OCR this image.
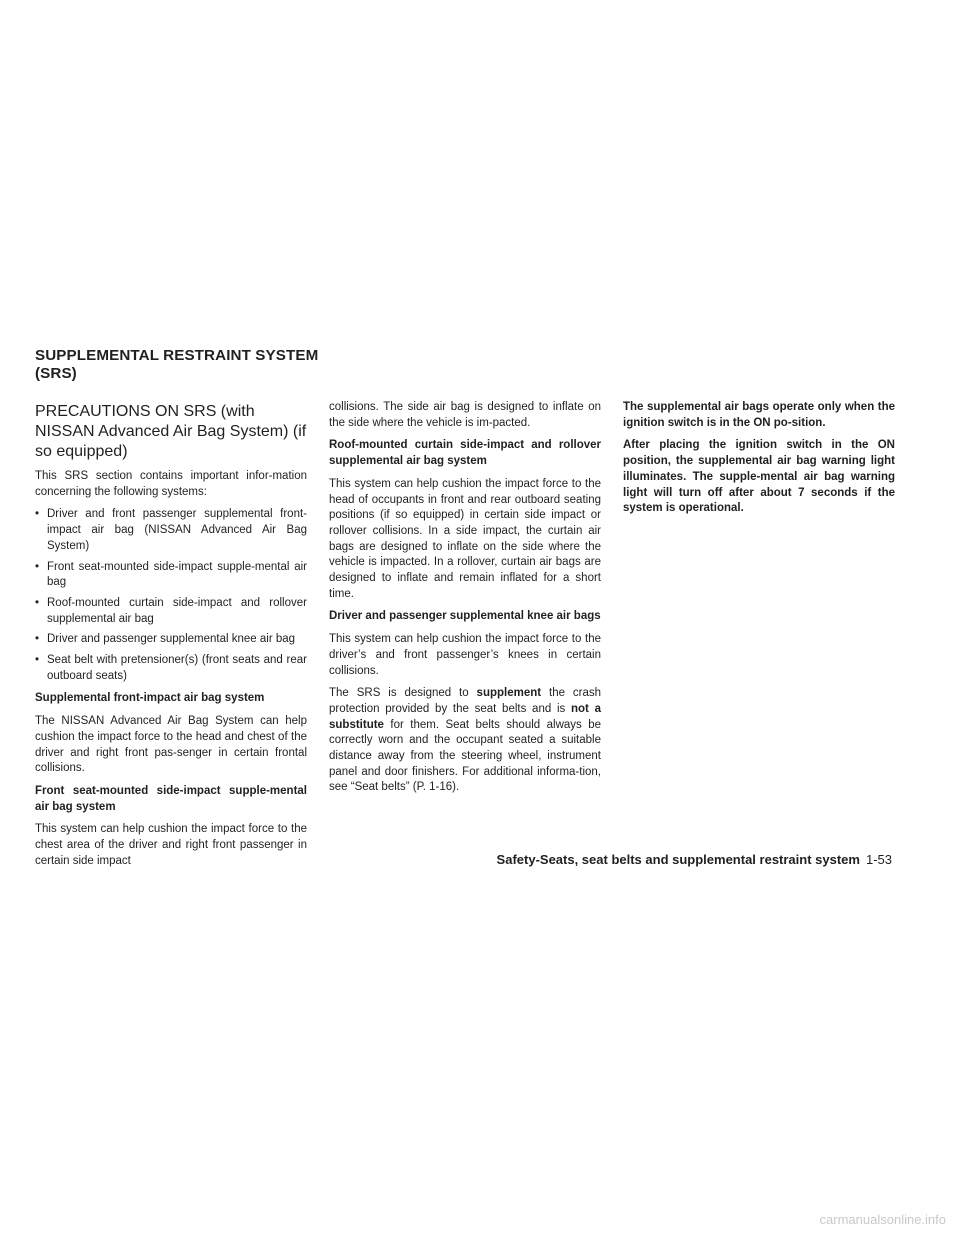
SUPPLEMENTAL RESTRAINT SYSTEM (SRS)
PRECAUTIONS ON SRS (with NISSAN Advanced Air Bag System) (if so equipped)

This SRS section contains important infor-mation concerning the following systems:

• Driver and front passenger supplemental front-impact air bag (NISSAN Advanced Air Bag System)
• Front seat-mounted side-impact supple-mental air bag
• Roof-mounted curtain side-impact and rollover supplemental air bag
• Driver and passenger supplemental knee air bag
• Seat belt with pretensioner(s) (front seats and rear outboard seats)

Supplemental front-impact air bag system

The NISSAN Advanced Air Bag System can help cushion the impact force to the head and chest of the driver and right front pas-senger in certain frontal collisions.

Front seat-mounted side-impact supple-mental air bag system

This system can help cushion the impact force to the chest area of the driver and right front passenger in certain side impact

collisions. The side air bag is designed to inflate on the side where the vehicle is im-pacted.

Roof-mounted curtain side-impact and rollover supplemental air bag system

This system can help cushion the impact force to the head of occupants in front and rear outboard seating positions (if so equipped) in certain side impact or rollover collisions. In a side impact, the curtain air bags are designed to inflate on the side where the vehicle is impacted. In a rollover, curtain air bags are designed to inflate and remain inflated for a short time.

Driver and passenger supplemental knee air bags

This system can help cushion the impact force to the driver’s and front passenger’s knees in certain collisions.

The SRS is designed to supplement the crash protection provided by the seat belts and is not a substitute for them. Seat belts should always be correctly worn and the occupant seated a suitable distance away from the steering wheel, instrument panel and door finishers. For additional informa-tion, see “Seat belts” (P. 1-16).

The supplemental air bags operate only when the ignition switch is in the ON po-sition.

After placing the ignition switch in the ON position, the supplemental air bag warning light illuminates. The supple-mental air bag warning light will turn off after about 7 seconds if the system is operational.

Safety-Seats, seat belts and supplemental restraint system 1-53
carmanualsonline.info
